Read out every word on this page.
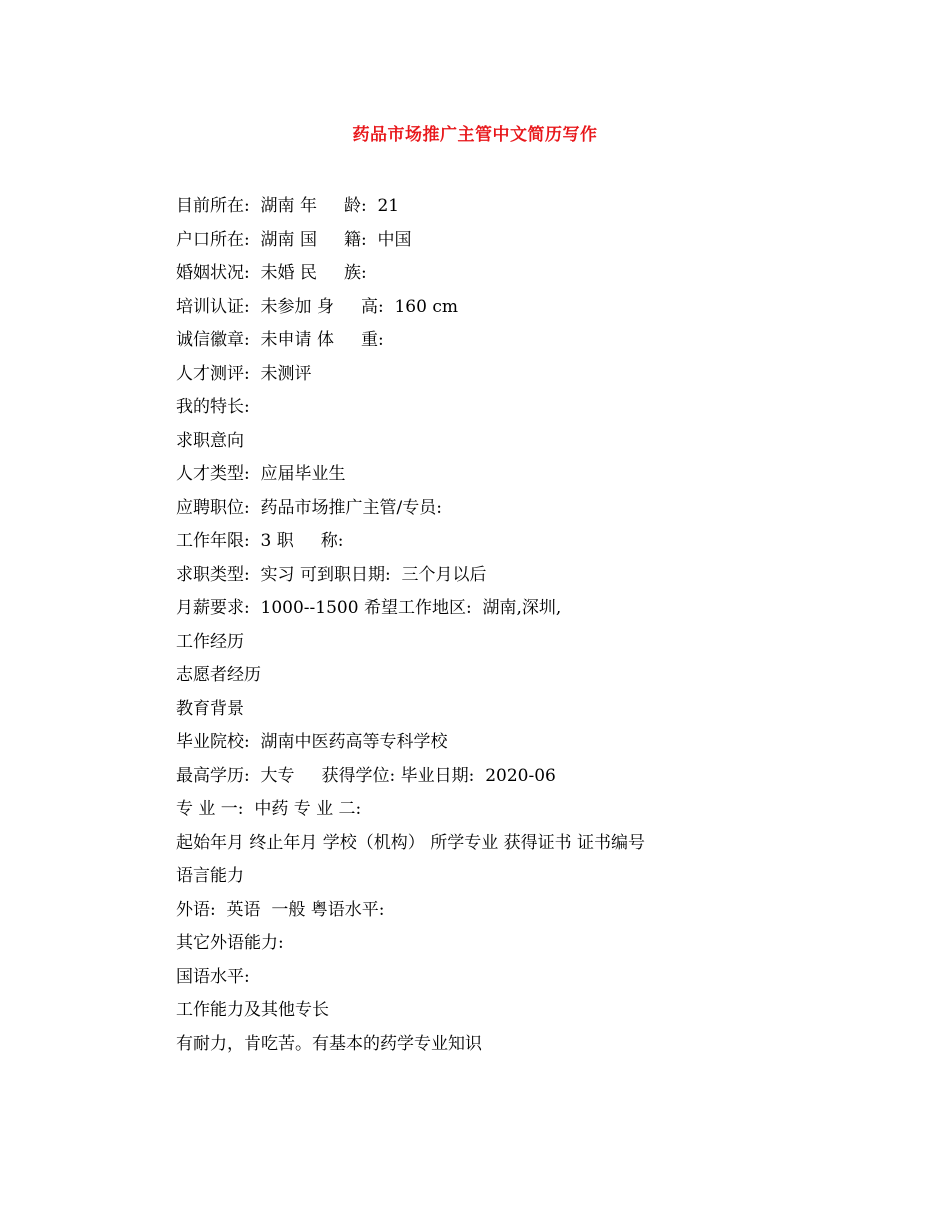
药品市场推广主管中文简历写作
目前所在:  湖南 年     龄:  21
户口所在:  湖南 国     籍:  中国
婚姻状况:  未婚 民     族:
培训认证:  未参加 身     高:  160 cm
诚信徽章:  未申请 体     重:
人才测评:  未测评
我的特长:
求职意向
人才类型:  应届毕业生
应聘职位:  药品市场推广主管/专员:
工作年限:  3 职     称:
求职类型:  实习 可到职日期:  三个月以后
月薪要求:  1000--1500 希望工作地区:  湖南,深圳,
工作经历
志愿者经历
教育背景
毕业院校:  湖南中医药高等专科学校
最高学历:  大专     获得学位: 毕业日期:  2020-06
专 业 一:  中药 专 业 二:
起始年月 终止年月 学校（机构） 所学专业 获得证书 证书编号
语言能力
外语:  英语  一般 粤语水平:
其它外语能力:
国语水平:
工作能力及其他专长
有耐力，肯吃苦。有基本的药学专业知识
